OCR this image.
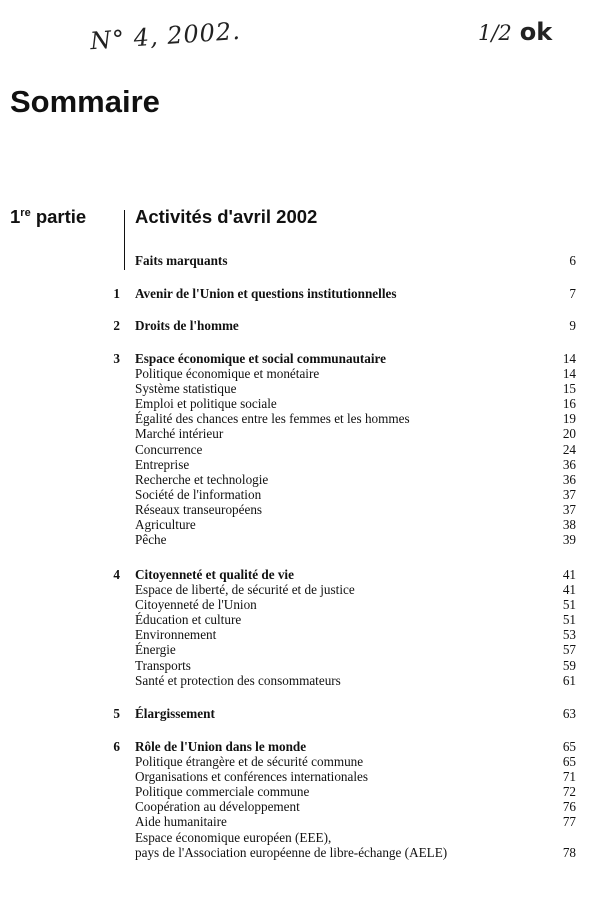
N° 4, 2002.	1/2 ok
Sommaire
1re partie	Activités d'avril 2002
Faits marquants	6
1 Avenir de l'Union et questions institutionnelles	7
2 Droits de l'homme	9
3 Espace économique et social communautaire	14
Politique économique et monétaire	14
Système statistique	15
Emploi et politique sociale	16
Égalité des chances entre les femmes et les hommes	19
Marché intérieur	20
Concurrence	24
Entreprise	36
Recherche et technologie	36
Société de l'information	37
Réseaux transeuropéens	37
Agriculture	38
Pêche	39
4 Citoyenneté et qualité de vie	41
Espace de liberté, de sécurité et de justice	41
Citoyenneté de l'Union	51
Éducation et culture	51
Environnement	53
Énergie	57
Transports	59
Santé et protection des consommateurs	61
5 Élargissement	63
6 Rôle de l'Union dans le monde	65
Politique étrangère et de sécurité commune	65
Organisations et conférences internationales	71
Politique commerciale commune	72
Coopération au développement	76
Aide humanitaire	77
Espace économique européen (EEE),
pays de l'Association européenne de libre-échange (AELE)	78
